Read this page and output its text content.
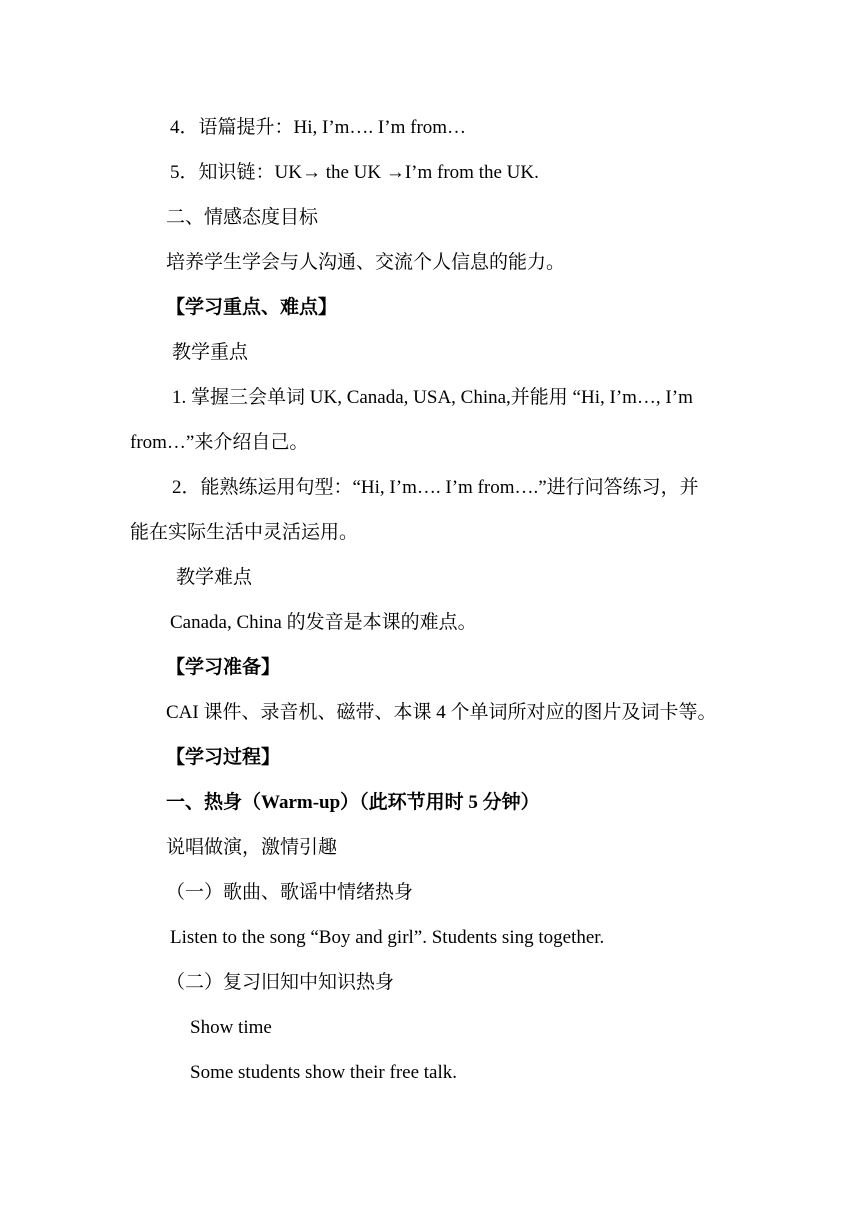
4．语篇提升：Hi, I’m…. I’m from…
5．知识链：UK→ the UK →I’m from the UK.
二、情感态度目标
培养学生学会与人沟通、交流个人信息的能力。
【学习重点、难点】
教学重点
1. 掌握三会单词 UK, Canada, USA, China,并能用 “Hi, I’m…, I’m
from…”来介绍自己。
2．能熟练运用句型：“Hi, I’m…. I’m from….”进行问答练习，并
能在实际生活中灵活运用。
教学难点
Canada, China 的发音是本课的难点。
【学习准备】
CAI 课件、录音机、磁带、本课 4 个单词所对应的图片及词卡等。
【学习过程】
一、热身（Warm-up）（此环节用时 5 分钟）
说唱做演，激情引趣
（一）歌曲、歌谣中情绪热身
Listen to the song “Boy and girl”. Students sing together.
（二）复习旧知中知识热身
Show time
Some students show their free talk.
